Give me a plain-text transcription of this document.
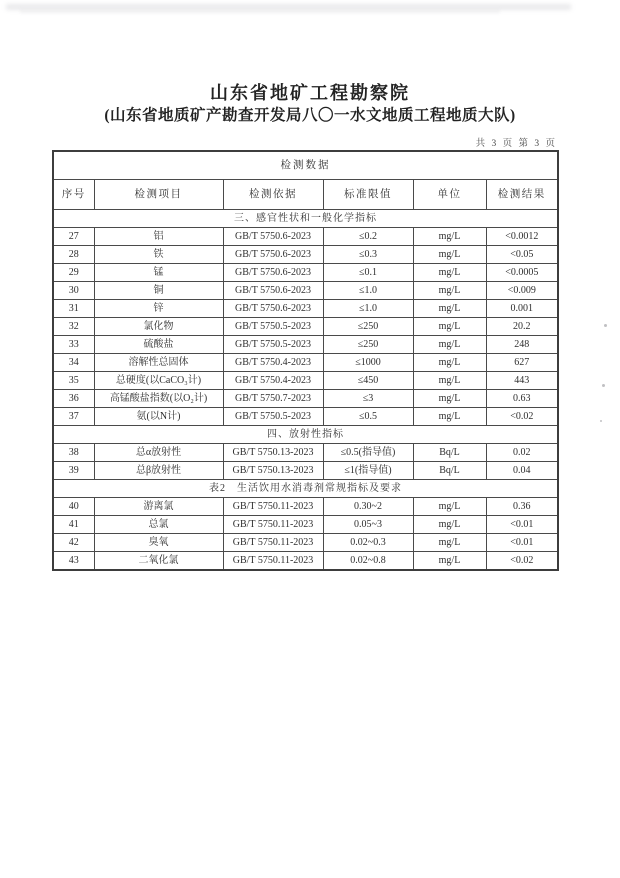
山东省地矿工程勘察院
(山东省地质矿产勘查开发局八〇一水文地质工程地质大队)
共 3 页 第 3 页
检测数据					
序号	检测项目	检测依据	标准限值	单位	检测结果
三、感官性状和一般化学指标					
27	铝	GB/T 5750.6-2023	≤0.2	mg/L	<0.0012
28	铁	GB/T 5750.6-2023	≤0.3	mg/L	<0.05
29	锰	GB/T 5750.6-2023	≤0.1	mg/L	<0.0005
30	铜	GB/T 5750.6-2023	≤1.0	mg/L	<0.009
31	锌	GB/T 5750.6-2023	≤1.0	mg/L	0.001
32	氯化物	GB/T 5750.5-2023	≤250	mg/L	20.2
33	硫酸盐	GB/T 5750.5-2023	≤250	mg/L	248
34	溶解性总固体	GB/T 5750.4-2023	≤1000	mg/L	627
35	总硬度(以CaCO₃计)	GB/T 5750.4-2023	≤450	mg/L	443
36	高锰酸盐指数(以O₂计)	GB/T 5750.7-2023	≤3	mg/L	0.63
37	氨(以N计)	GB/T 5750.5-2023	≤0.5	mg/L	<0.02
四、放射性指标					
38	总α放射性	GB/T 5750.13-2023	≤0.5(指导值)	Bq/L	0.02
39	总β放射性	GB/T 5750.13-2023	≤1(指导值)	Bq/L	0.04
表2　生活饮用水消毒剂常规指标及要求					
40	游离氯	GB/T 5750.11-2023	0.30~2	mg/L	0.36
41	总氯	GB/T 5750.11-2023	0.05~3	mg/L	<0.01
42	臭氧	GB/T 5750.11-2023	0.02~0.3	mg/L	<0.01
43	二氧化氯	GB/T 5750.11-2023	0.02~0.8	mg/L	<0.02
